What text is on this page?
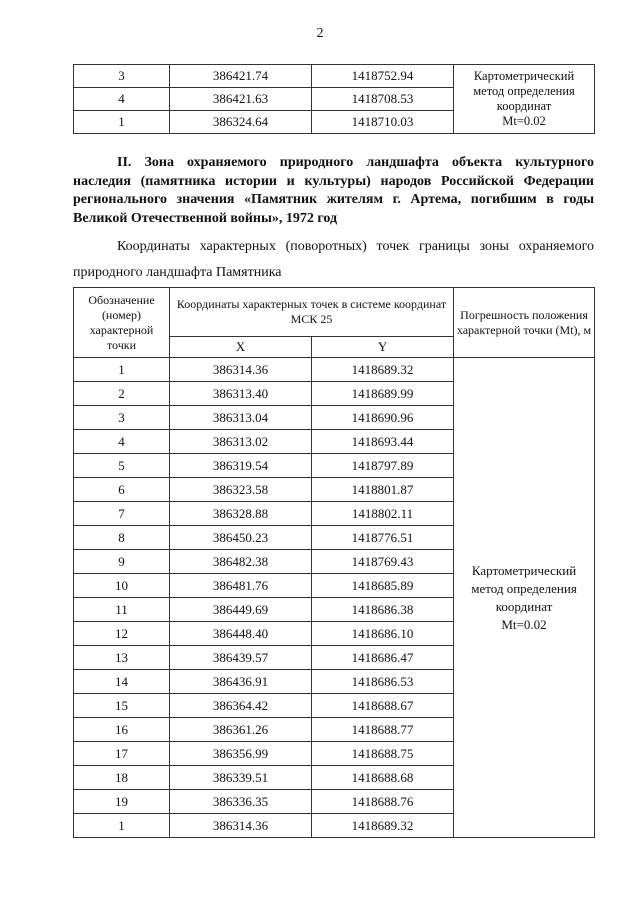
2
3	386421.74	1418752.94	Картометрический
метод определения
координат
Mt=0.02

4	386421.63	1418708.53	
1	386324.64	1418710.03	
II. Зона охраняемого природного ландшафта объекта культурного наследия (памятника истории и культуры) народов Российской Федерации регионального значения «Памятник жителям г. Артема, погибшим в годы Великой Отечественной войны», 1972 год
Координаты характерных (поворотных) точек границы зоны охраняемого природного ландшафта Памятника
Обозначение (номер) характерной точки	Координаты характерных точек в системе координат МСК 25		Погрешность положения характерной точки (Mt), м
	X	Y	
1	386314.36	1418689.32	Картометрический
метод определения
координат
Mt=0.02

2	386313.40	1418689.99	
3	386313.04	1418690.96	
4	386313.02	1418693.44	
5	386319.54	1418797.89	
6	386323.58	1418801.87	
7	386328.88	1418802.11	
8	386450.23	1418776.51	
9	386482.38	1418769.43	
10	386481.76	1418685.89	
11	386449.69	1418686.38	
12	386448.40	1418686.10	
13	386439.57	1418686.47	
14	386436.91	1418686.53	
15	386364.42	1418688.67	
16	386361.26	1418688.77	
17	386356.99	1418688.75	
18	386339.51	1418688.68	
19	386336.35	1418688.76	
1	386314.36	1418689.32	
